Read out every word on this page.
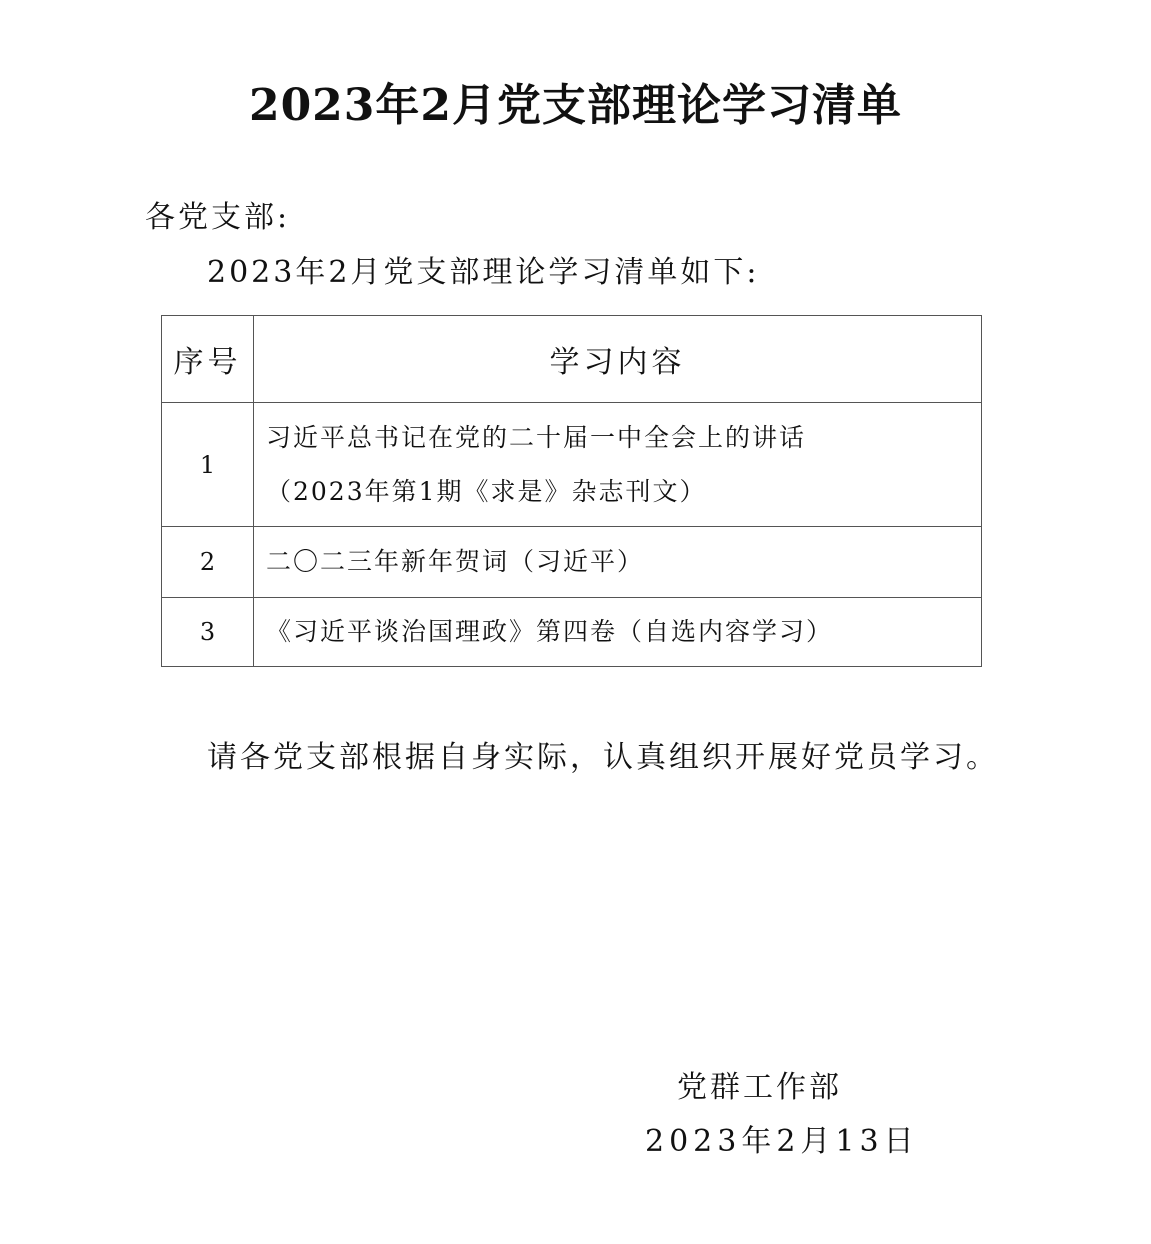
2023年2月党支部理论学习清单
各党支部:
2023年2月党支部理论学习清单如下:
序号	学习内容
1	习近平总书记在党的二十届一中全会上的讲话
（2023年第1期《求是》杂志刊文）

2	二〇二三年新年贺词（习近平）
3	《习近平谈治国理政》第四卷（自选内容学习）
请各党支部根据自身实际，认真组织开展好党员学习。
党群工作部
2023年2月13日
